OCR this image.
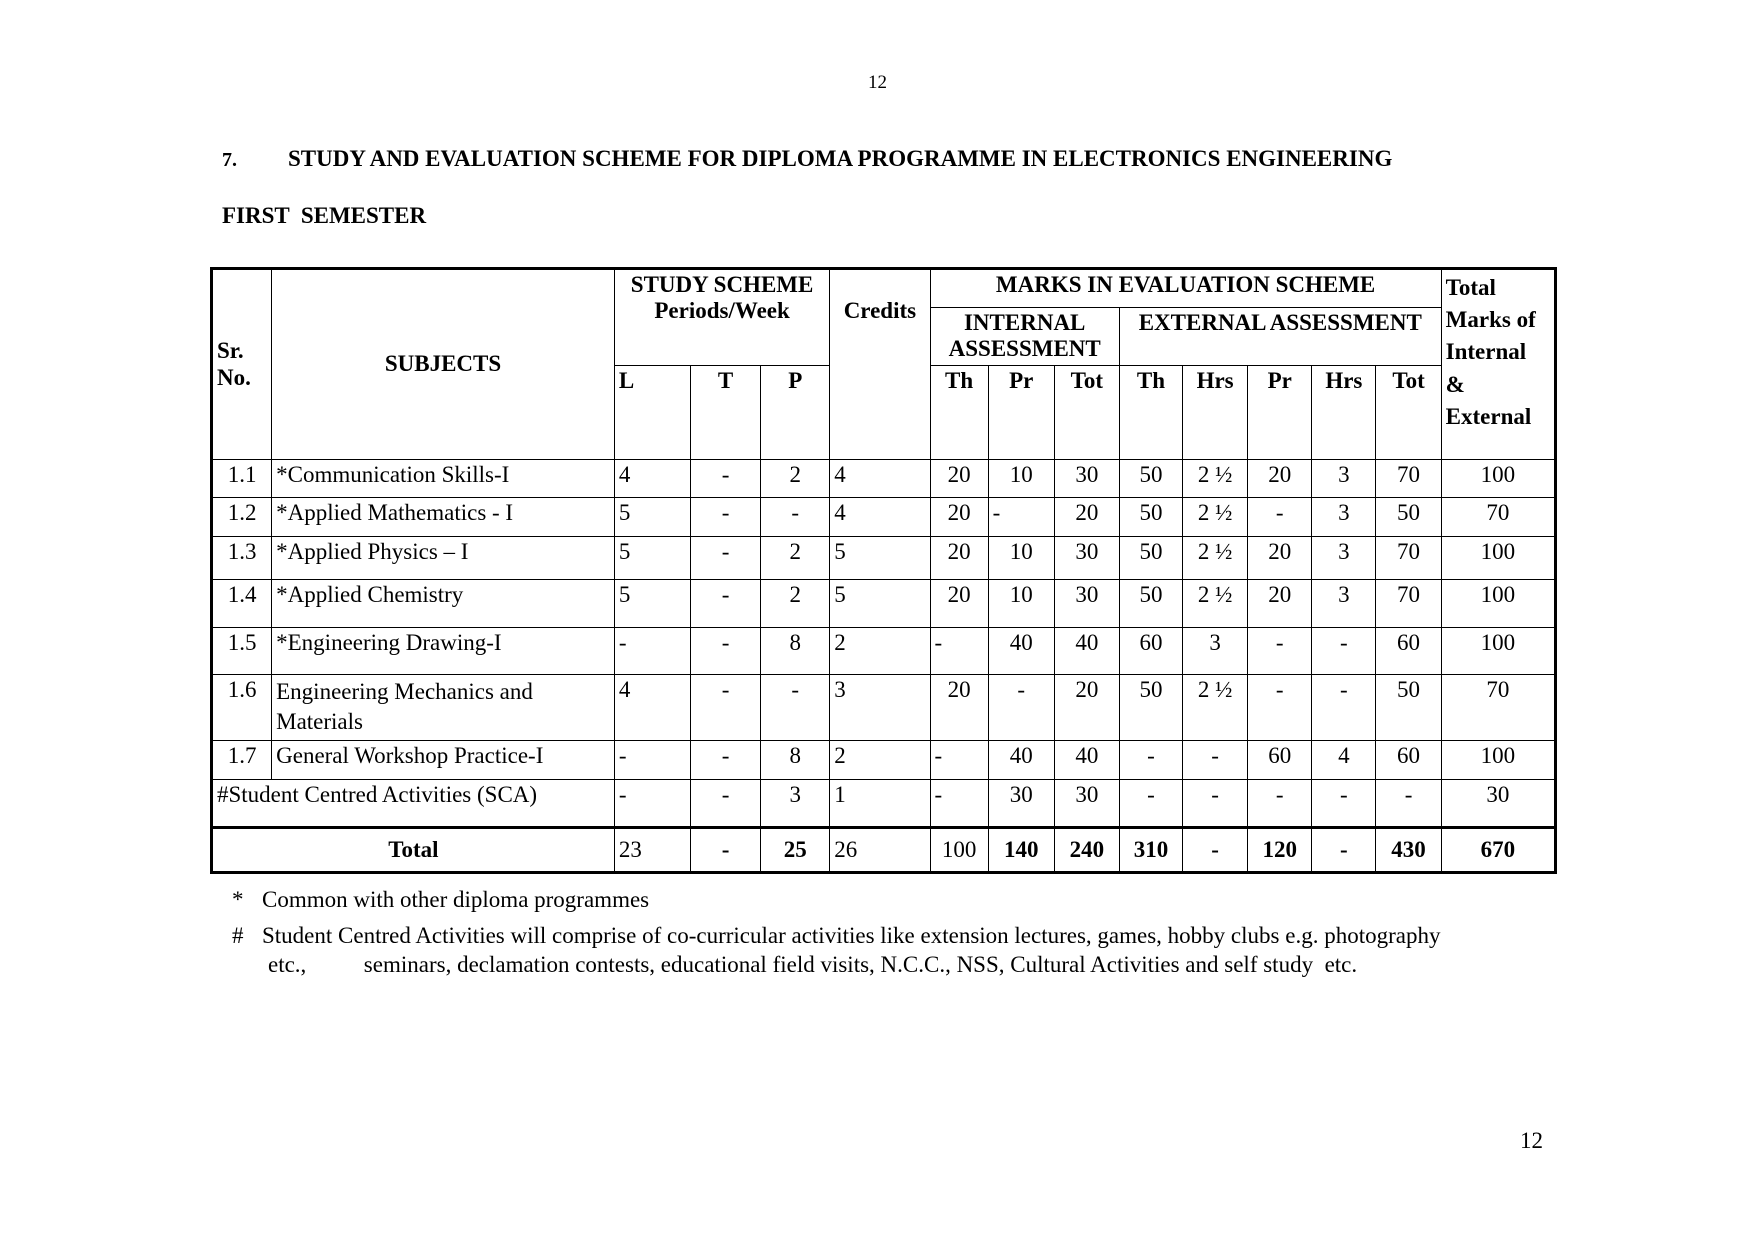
12
7. STUDY AND EVALUATION SCHEME FOR DIPLOMA PROGRAMME IN ELECTRONICS ENGINEERING
FIRST  SEMESTER
Sr. No.	SUBJECTS	STUDY SCHEME Periods/Week			Credits	MARKS IN EVALUATION SCHEME								Total Marks of Internal & External
						INTERNAL ASSESSMENT			EXTERNAL ASSESSMENT					
		L	T	P		Th	Pr	Tot	Th	Hrs	Pr	Hrs	Tot	
1.1	*Communication Skills-I	4	-	2	4	20	10	30	50	2 ½	20	3	70	100
1.2	*Applied Mathematics - I	5	-	-	4	20	-	20	50	2 ½	-	3	50	70
1.3	*Applied Physics – I	5	-	2	5	20	10	30	50	2 ½	20	3	70	100
1.4	*Applied Chemistry	5	-	2	5	20	10	30	50	2 ½	20	3	70	100
1.5	*Engineering Drawing-I	-	-	8	2	-	40	40	60	3	-	-	60	100
1.6	Engineering Mechanics and Materials	4	-	-	3	20	-	20	50	2 ½	-	-	50	70
1.7	General Workshop Practice-I	-	-	8	2	-	40	40	-	-	60	4	60	100
#Student Centred Activities (SCA)		-	-	3	1	-	30	30	-	-	-	-	-	30
Total		23	-	25	26	100	140	240	310	-	120	-	430	670
* Common with other diploma programmes
# Student Centred Activities will comprise of co-curricular activities like extension lectures, games, hobby clubs e.g. photography
etc.,          seminars, declamation contests, educational field visits, N.C.C., NSS, Cultural Activities and self study  etc.
12
